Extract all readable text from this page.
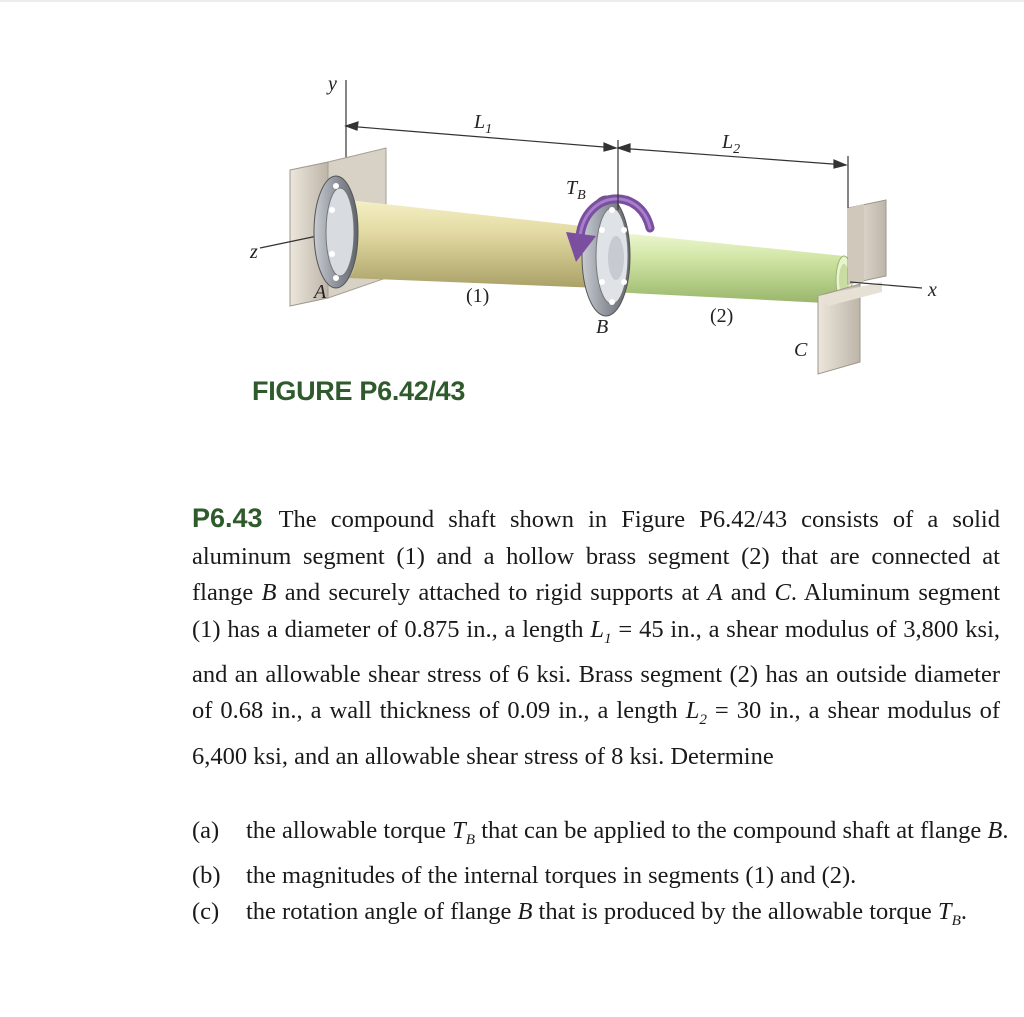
y
z
A	x
$T_B$
$L_1$
$L_2$
(1)
B	(2)
C
FIGURE P6.42/43

P6.43 The compound shaft shown in Figure P6.42/43 consists of a solid aluminum segment (1) and a hollow brass segment (2) that are connected at flange B and securely attached to rigid supports at A and C. Aluminum segment (1) has a diameter of 0.875 in., a length $L_1 = 45$ in., a shear modulus of 3,800 ksi, and an allowable shear stress of 6 ksi. Brass segment (2) has an outside diameter of 0.68 in., a wall thickness of 0.09 in., a length $L_2 = 30$ in., a shear modulus of 6,400 ksi, and an allowable shear stress of 8 ksi. Determine

(a)	the allowable torque $T_B$ that can be applied to the compound shaft at flange B.
(b)	the magnitudes of the internal torques in segments (1) and (2).
(c)	the rotation angle of flange B that is produced by the allowable torque $T_B$.
